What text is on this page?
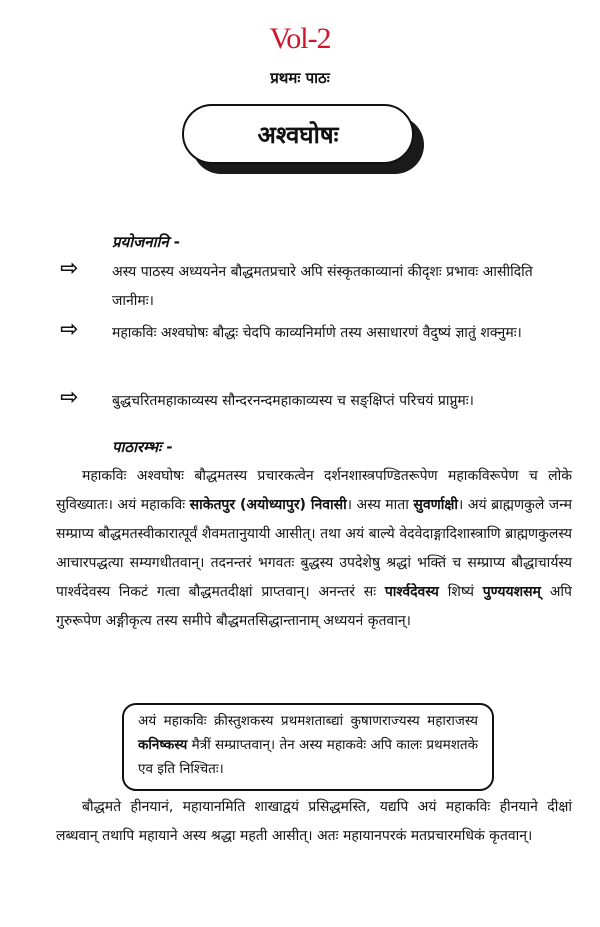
Vol-2
प्रथमः पाठः
अश्वघोषः
प्रयोजनानि -
⇨	अस्य पाठस्य अध्ययनेन बौद्धमतप्रचारे अपि संस्कृतकाव्यानां कीदृशः प्रभावः आसीदिति जानीमः।
⇨	महाकविः अश्वघोषः बौद्धः चेदपि काव्यनिर्माणे तस्य असाधारणं वैदुष्यं ज्ञातुं शक्नुमः।
⇨	बुद्धचरितमहाकाव्यस्य सौन्दरनन्दमहाकाव्यस्य च सङ्क्षिप्तं परिचयं प्राप्नुमः।
पाठारम्भः -
महाकविः अश्वघोषः बौद्धमतस्य प्रचारकत्वेन दर्शनशास्त्रपण्डितरूपेण महाकविरूपेण च लोके सुविख्यातः। अयं महाकविः साकेतपुर (अयोध्यापुर) निवासी। अस्य माता सुवर्णाक्षी। अयं ब्राह्मणकुले जन्म सम्प्राप्य बौद्धमतस्वीकारात्पूर्वं शैवमतानुयायी आसीत्। तथा अयं बाल्ये वेदवेदाङ्गादिशास्त्राणि ब्राह्मणकुलस्य आचारपद्धत्या सम्यगधीतवान्। तदनन्तरं भगवतः बुद्धस्य उपदेशेषु श्रद्धां भक्तिं च सम्प्राप्य बौद्धाचार्यस्य पार्श्वदेवस्य निकटं गत्वा बौद्धमतदीक्षां प्राप्तवान्। अनन्तरं सः पार्श्वदेवस्य शिष्यं पुण्ययशसम् अपि गुरुरूपेण अङ्गीकृत्य तस्य समीपे बौद्धमतसिद्धान्तानाम् अध्ययनं कृतवान्।
अयं महाकविः क्रीस्तुशकस्य प्रथमशताब्द्यां कुषाणराज्यस्य महाराजस्य कनिष्कस्य मैत्रीं सम्प्राप्तवान्। तेन अस्य महाकवेः अपि कालः प्रथमशतके एव इति निश्चितः।
बौद्धमते हीनयानं, महायानमिति शाखाद्वयं प्रसिद्धमस्ति, यद्यपि अयं महाकविः हीनयाने दीक्षां लब्धवान् तथापि महायाने अस्य श्रद्धा महती आसीत्। अतः महायानपरकं मतप्रचारमधिकं कृतवान्।
